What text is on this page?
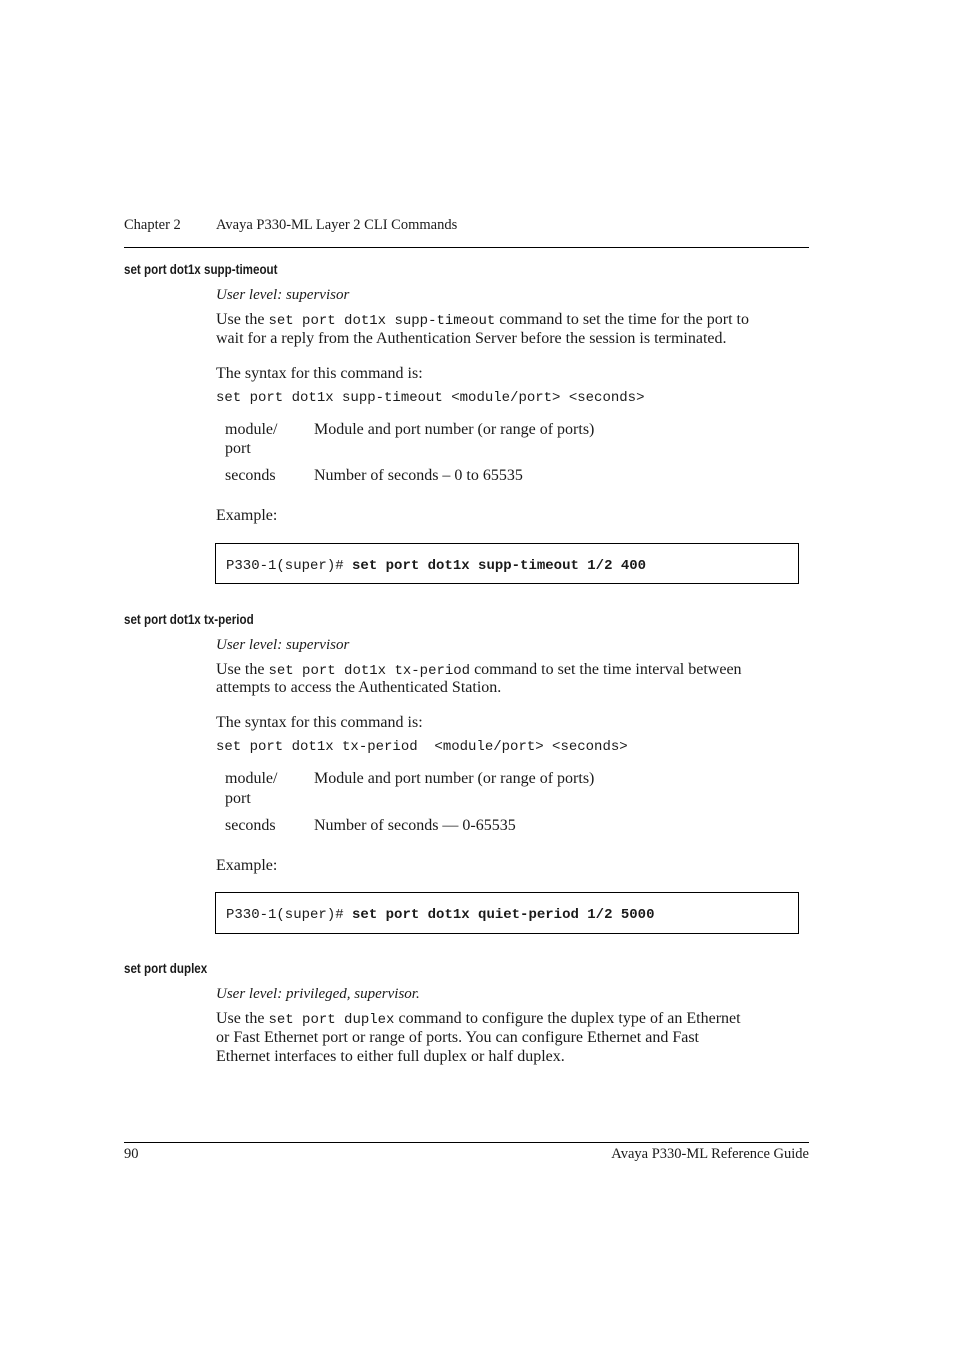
Chapter 2 Avaya P330-ML Layer 2 CLI Commands
set port dot1x supp-timeout
User level: supervisor
Use the set port dot1x supp-timeout command to set the time for the port to
wait for a reply from the Authentication Server before the session is terminated.
The syntax for this command is:
set port dot1x supp-timeout <module/port> <seconds>
module/
port
Module and port number (or range of ports)
seconds Number of seconds – 0 to 65535
Example:
P330-1(super)# set port dot1x supp-timeout 1/2 400
set port dot1x tx-period
User level: supervisor
Use the set port dot1x tx-period command to set the time interval between
attempts to access the Authenticated Station.
The syntax for this command is:
set port dot1x tx-period  <module/port> <seconds>
module/
port
Module and port number (or range of ports)
seconds Number of seconds — 0-65535
Example:
P330-1(super)# set port dot1x quiet-period 1/2 5000
set port duplex
User level: privileged, supervisor.
Use the set port duplex command to configure the duplex type of an Ethernet
or Fast Ethernet port or range of ports. You can configure Ethernet and Fast
Ethernet interfaces to either full duplex or half duplex.
90	Avaya P330-ML Reference Guide
